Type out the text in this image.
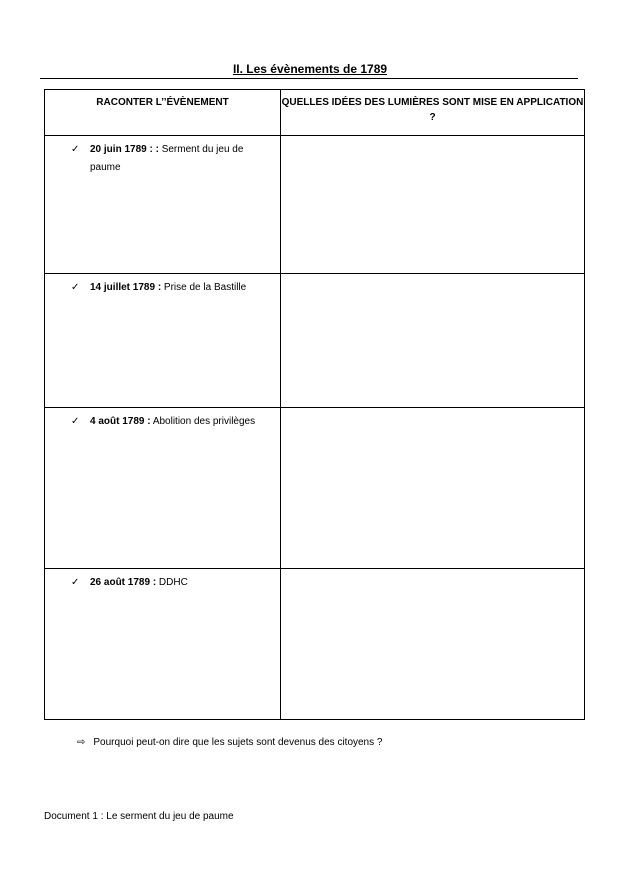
II. Les évènements de 1789
RACONTER L’’ÉVÈNEMENT	QUELLES IDÉES DES LUMIÈRES SONT MISE EN APPLICATION ?

✓ 20 juin 1789 : : Serment du jeu de paume	

✓ 14 juillet 1789 : Prise de la Bastille	

✓ 4 août 1789 : Abolition des privilèges	

✓ 26 août 1789 : DDHC	

⇨ Pourquoi peut-on dire que les sujets sont devenus des citoyens ?
Document 1 : Le serment du jeu de paume
